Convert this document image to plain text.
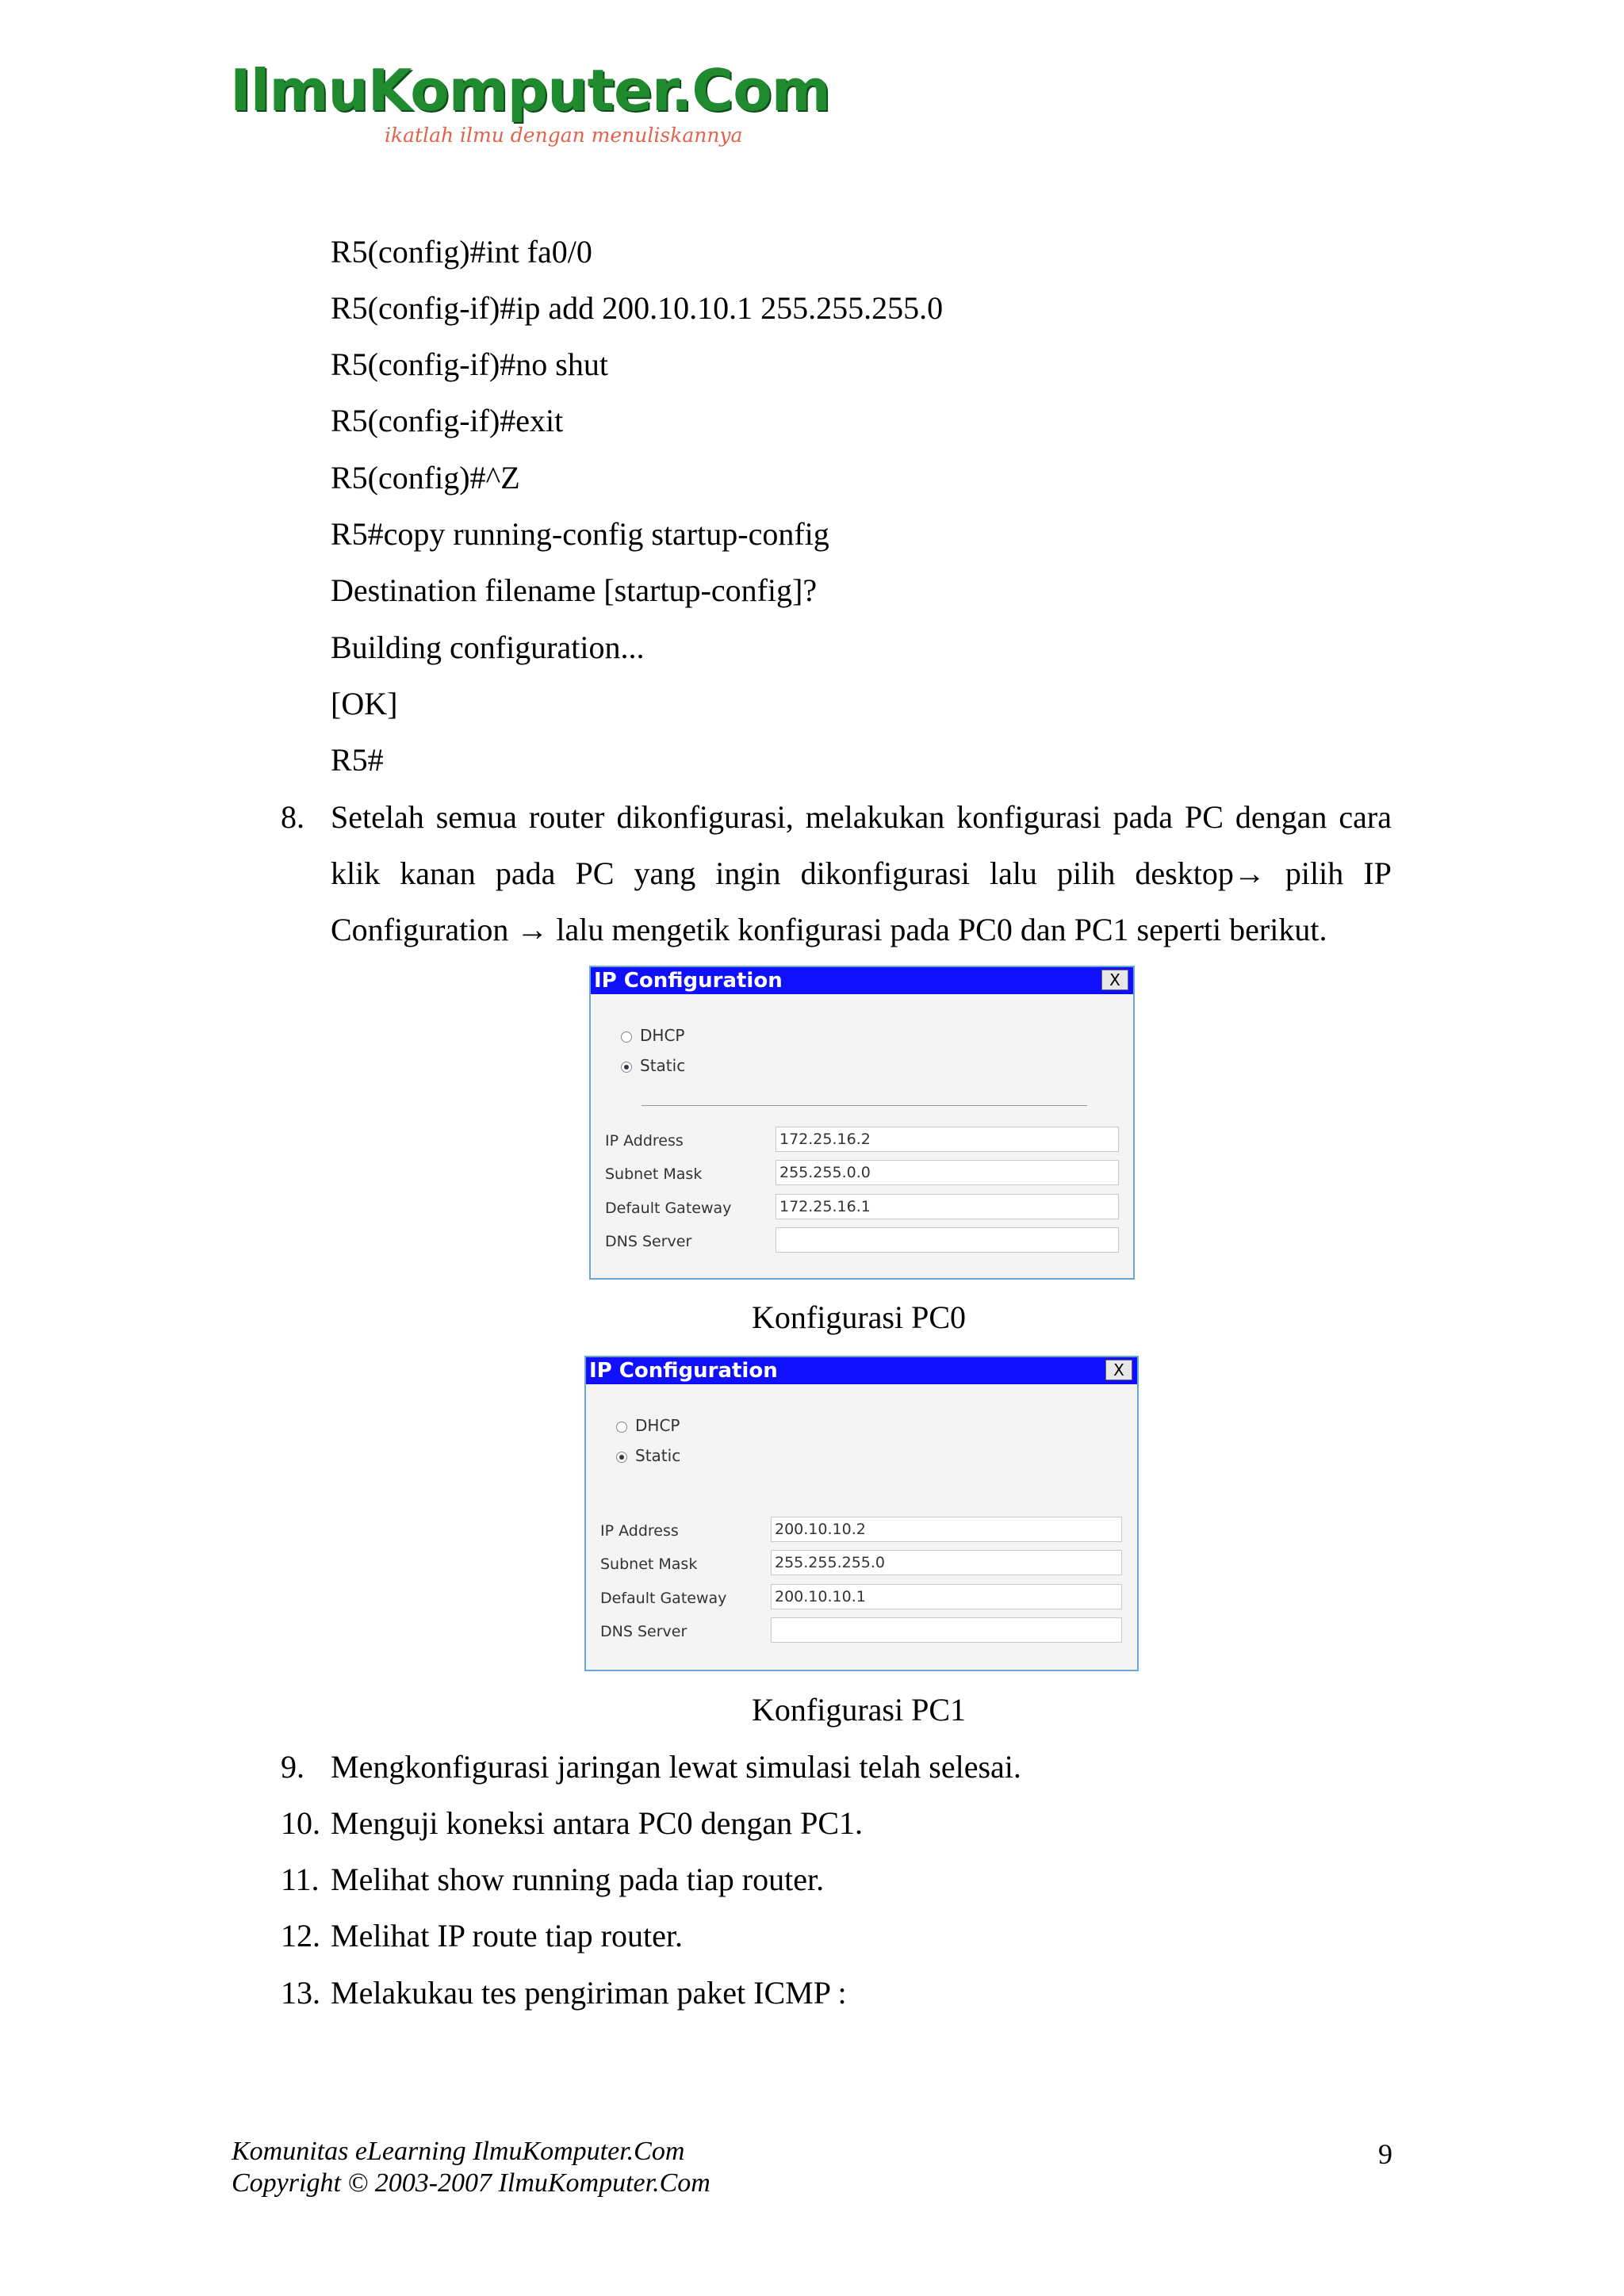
IlmuKomputer.Com
ikatlah ilmu dengan menuliskannya
R5(config)#int fa0/0
R5(config-if)#ip add 200.10.10.1 255.255.255.0
R5(config-if)#no shut
R5(config-if)#exit
R5(config)#^Z
R5#copy running-config startup-config
Destination filename [startup-config]?
Building configuration...
[OK]
R5#
8. Setelah semua router dikonfigurasi, melakukan konfigurasi pada PC dengan cara
klik kanan pada PC yang ingin dikonfigurasi lalu pilih desktop→ pilih IP
Configuration → lalu mengetik konfigurasi pada PC0 dan PC1 seperti berikut.
IP Configuration	X
DHCP
Static
IP Address	172.25.16.2
Subnet Mask	255.255.0.0
Default Gateway	172.25.16.1
DNS Server
Konfigurasi PC0
IP Configuration	X
DHCP
Static
IP Address	200.10.10.2
Subnet Mask	255.255.255.0
Default Gateway	200.10.10.1
DNS Server
Konfigurasi PC1
9. Mengkonfigurasi jaringan lewat simulasi telah selesai.
10. Menguji koneksi antara PC0 dengan PC1.
11. Melihat show running pada tiap router.
12. Melihat IP route tiap router.
13. Melakukau tes pengiriman paket ICMP :
Komunitas eLearning IlmuKomputer.Com
Copyright © 2003-2007 IlmuKomputer.Com
9
